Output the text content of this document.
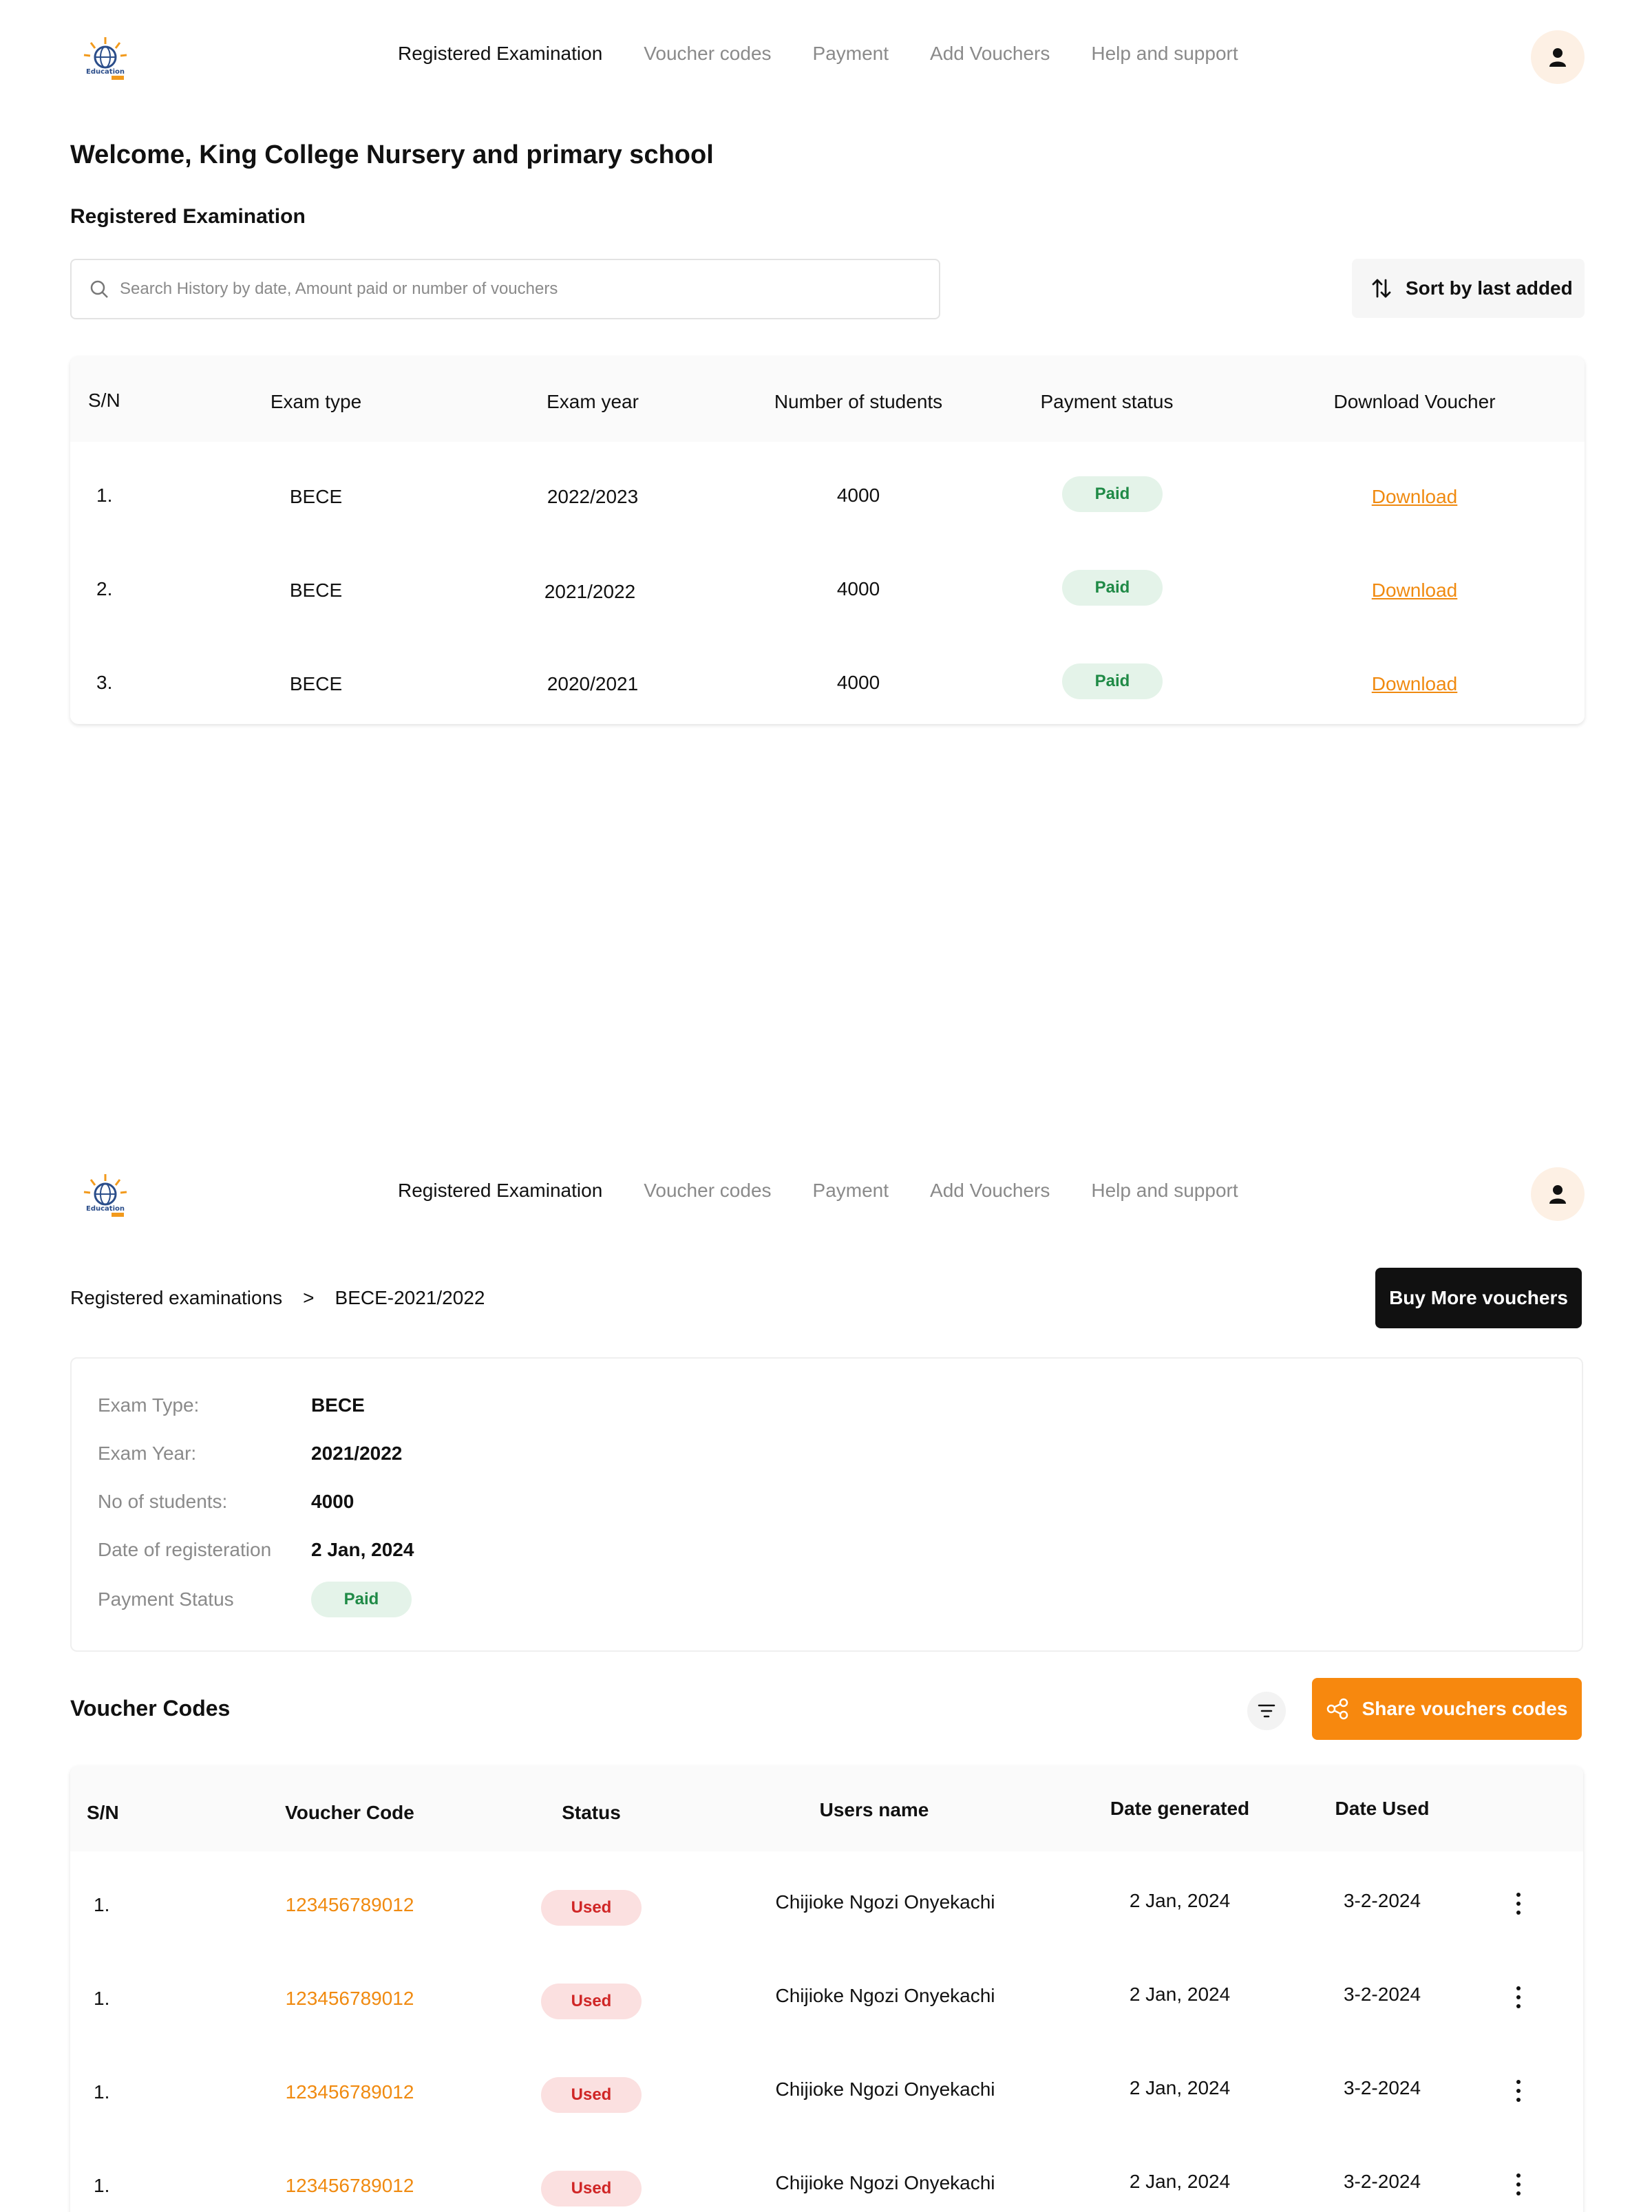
Education
Registered Examination Voucher codes Payment Add Vouchers Help and support
Welcome, King College Nursery and primary school
Registered Examination
Search History by date, Amount paid or number of vouchers
Sort by last added
S/N	Exam type	Exam year	Number of students	Payment status	Download Voucher
1.	BECE	2022/2023	4000	Paid	Download
2.	BECE	2021/2022	4000	Paid	Download
3.	BECE	2020/2021	4000	Paid	Download
Education
Registered Examination Voucher codes Payment Add Vouchers Help and support
Registered examinations > BECE-2021/2022	Buy More vouchers
Exam Type:	BECE
Exam Year:	2021/2022
No of students:	4000
Date of registeration 2 Jan, 2024
Payment Status	Paid
Voucher Codes	Share vouchers codes
S/N	Voucher Code	Status	Users name	Date generated	Date Used
1.	123456789012	Used	Chijioke Ngozi Onyekachi	2 Jan, 2024	3-2-2024
1.	123456789012	Used	Chijioke Ngozi Onyekachi	2 Jan, 2024	3-2-2024
1.	123456789012	Used	Chijioke Ngozi Onyekachi	2 Jan, 2024	3-2-2024
1.	123456789012	Used	Chijioke Ngozi Onyekachi	2 Jan, 2024	3-2-2024
